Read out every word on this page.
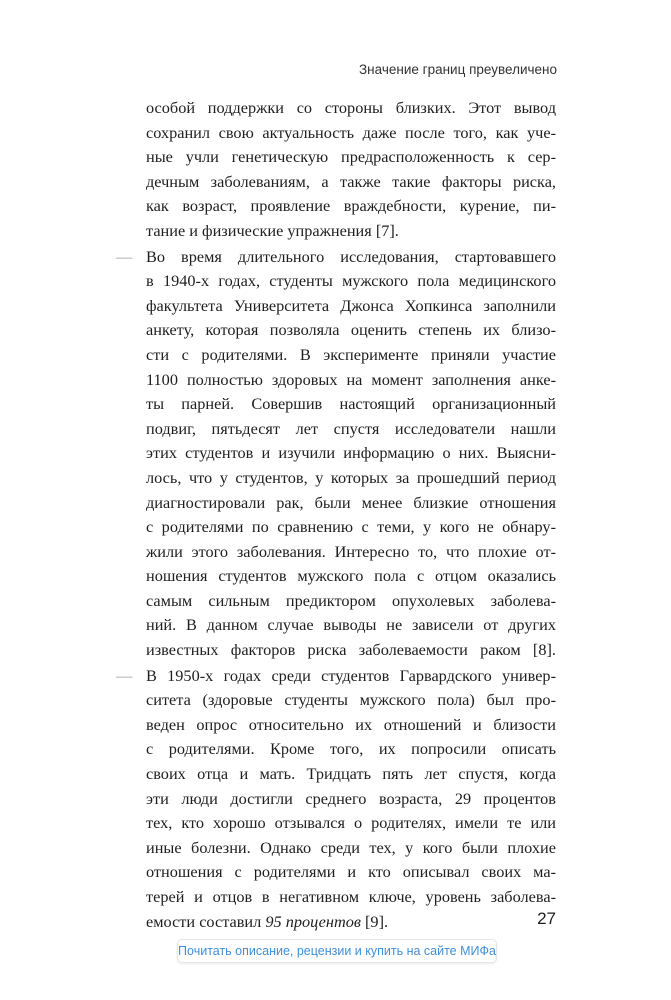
Значение границ преувеличено
особой поддержки со стороны близких. Этот вывод
сохранил свою актуальность даже после того, как уче-
ные учли генетическую предрасположенность к сер-
дечным заболеваниям, а также такие факторы риска,
как возраст, проявление враждебности, курение, пи-
тание и физические упражнения [7].
— Во время длительного исследования, стартовавшего
в 1940-х годах, студенты мужского пола медицинского
факультета Университета Джонса Хопкинса заполнили
анкету, которая позволяла оценить степень их близо-
сти с родителями. В эксперименте приняли участие
1100 полностью здоровых на момент заполнения анке-
ты парней. Совершив настоящий организационный
подвиг, пятьдесят лет спустя исследователи нашли
этих студентов и изучили информацию о них. Выясни-
лось, что у студентов, у которых за прошедший период
диагностировали рак, были менее близкие отношения
с родителями по сравнению с теми, у кого не обнару-
жили этого заболевания. Интересно то, что плохие от-
ношения студентов мужского пола с отцом оказались
самым сильным предиктором опухолевых заболева-
ний. В данном случае выводы не зависели от других
известных факторов риска заболеваемости раком [8].
— В 1950-х годах среди студентов Гарвардского универ-
ситета (здоровые студенты мужского пола) был про-
веден опрос относительно их отношений и близости
с родителями. Кроме того, их попросили описать
своих отца и мать. Тридцать пять лет спустя, когда
эти люди достигли среднего возраста, 29 процентов
тех, кто хорошо отзывался о родителях, имели те или
иные болезни. Однако среди тех, у кого были плохие
отношения с родителями и кто описывал своих ма-
терей и отцов в негативном ключе, уровень заболева-
емости составил 95 процентов [9].	27
Почитать описание, рецензии и купить на сайте МИФа
